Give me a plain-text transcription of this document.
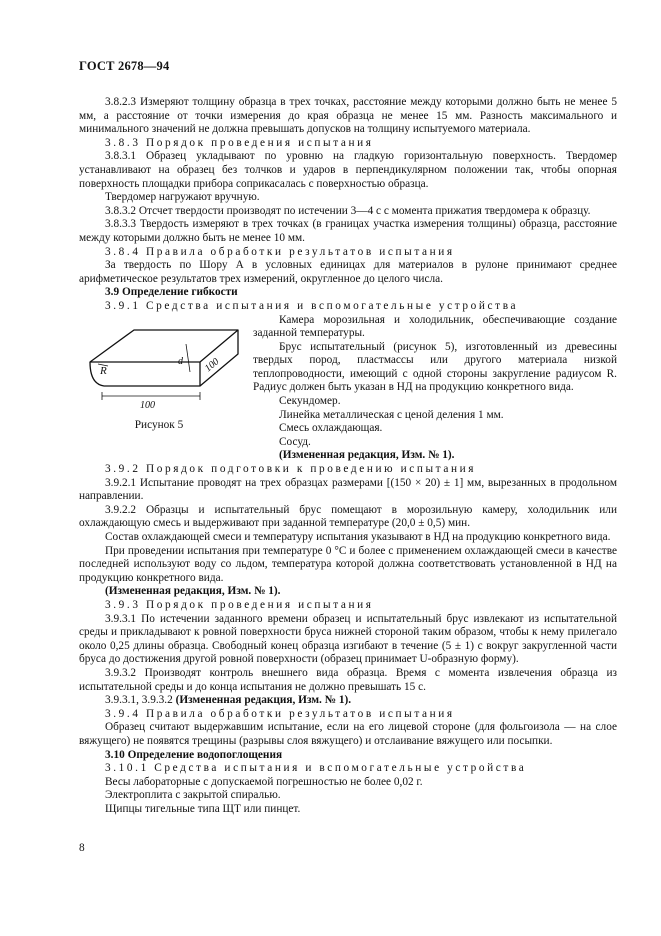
ГОСТ 2678—94

3.8.2.3 Измеряют толщину образца в трех точках, расстояние между которыми должно быть не менее 5 мм, а расстояние от точки измерения до края образца не менее 15 мм. Разность максимального и минимального значений не должна превышать допусков на толщину испытуемого материала.

3.8.3 Порядок проведения испытания

3.8.3.1 Образец укладывают по уровню на гладкую горизонтальную поверхность. Твердомер устанавливают на образец без толчков и ударов в перпендикулярном положении так, чтобы опорная поверхность площадки прибора соприкасалась с поверхностью образца.

Твердомер нагружают вручную.

3.8.3.2 Отсчет твердости производят по истечении 3—4 с с момента прижатия твердомера к образцу.

3.8.3.3 Твердость измеряют в трех точках (в границах участка измерения толщины) образца, расстояние между которыми должно быть не менее 10 мм.

3.8.4 Правила обработки результатов испытания

За твердость по Шору А в условных единицах для материалов в рулоне принимают среднее арифметическое результатов трех измерений, округленное до целого числа.

3.9 Определение гибкости

3.9.1 Средства испытания и вспомогательные устройства

R
d 100
100
Рисунок 5

Камера морозильная и холодильник, обеспечивающие создание заданной температуры.

Брус испытательный (рисунок 5), изготовленный из древесины твердых пород, пластмассы или другого материала низкой теплопроводности, имеющий с одной стороны закругление радиусом R. Радиус должен быть указан в НД на продукцию конкретного вида.

Секундомер.

Линейка металлическая с ценой деления 1 мм.

Смесь охлаждающая.

Сосуд.

(Измененная редакция, Изм. № 1).

3.9.2 Порядок подготовки к проведению испытания

3.9.2.1 Испытание проводят на трех образцах размерами [(150 × 20) ± 1] мм, вырезанных в продольном направлении.

3.9.2.2 Образцы и испытательный брус помещают в морозильную камеру, холодильник или охлаждающую смесь и выдерживают при заданной температуре (20,0 ± 0,5) мин.

Состав охлаждающей смеси и температуру испытания указывают в НД на продукцию конкретного вида.

При проведении испытания при температуре 0 °С и более с применением охлаждающей смеси в качестве последней используют воду со льдом, температура которой должна соответствовать установленной в НД на продукцию конкретного вида.

(Измененная редакция, Изм. № 1).

3.9.3 Порядок проведения испытания

3.9.3.1 По истечении заданного времени образец и испытательный брус извлекают из испытательной среды и прикладывают к ровной поверхности бруса нижней стороной таким образом, чтобы к нему прилегало около 0,25 длины образца. Свободный конец образца изгибают в течение (5 ± 1) с вокруг закругленной части бруса до достижения другой ровной поверхности (образец принимает U-образную форму).

3.9.3.2 Производят контроль внешнего вида образца. Время с момента извлечения образца из испытательной среды и до конца испытания не должно превышать 15 с.

3.9.3.1, 3.9.3.2 (Измененная редакция, Изм. № 1).

3.9.4 Правила обработки результатов испытания

Образец считают выдержавшим испытание, если на его лицевой стороне (для фольгоизола — на слое вяжущего) не появятся трещины (разрывы слоя вяжущего) и отслаивание вяжущего или посыпки.

3.10 Определение водопоглощения

3.10.1 Средства испытания и вспомогательные устройства

Весы лабораторные с допускаемой погрешностью не более 0,02 г.

Электроплита с закрытой спиралью.

Щипцы тигельные типа ЩТ или пинцет.

8
